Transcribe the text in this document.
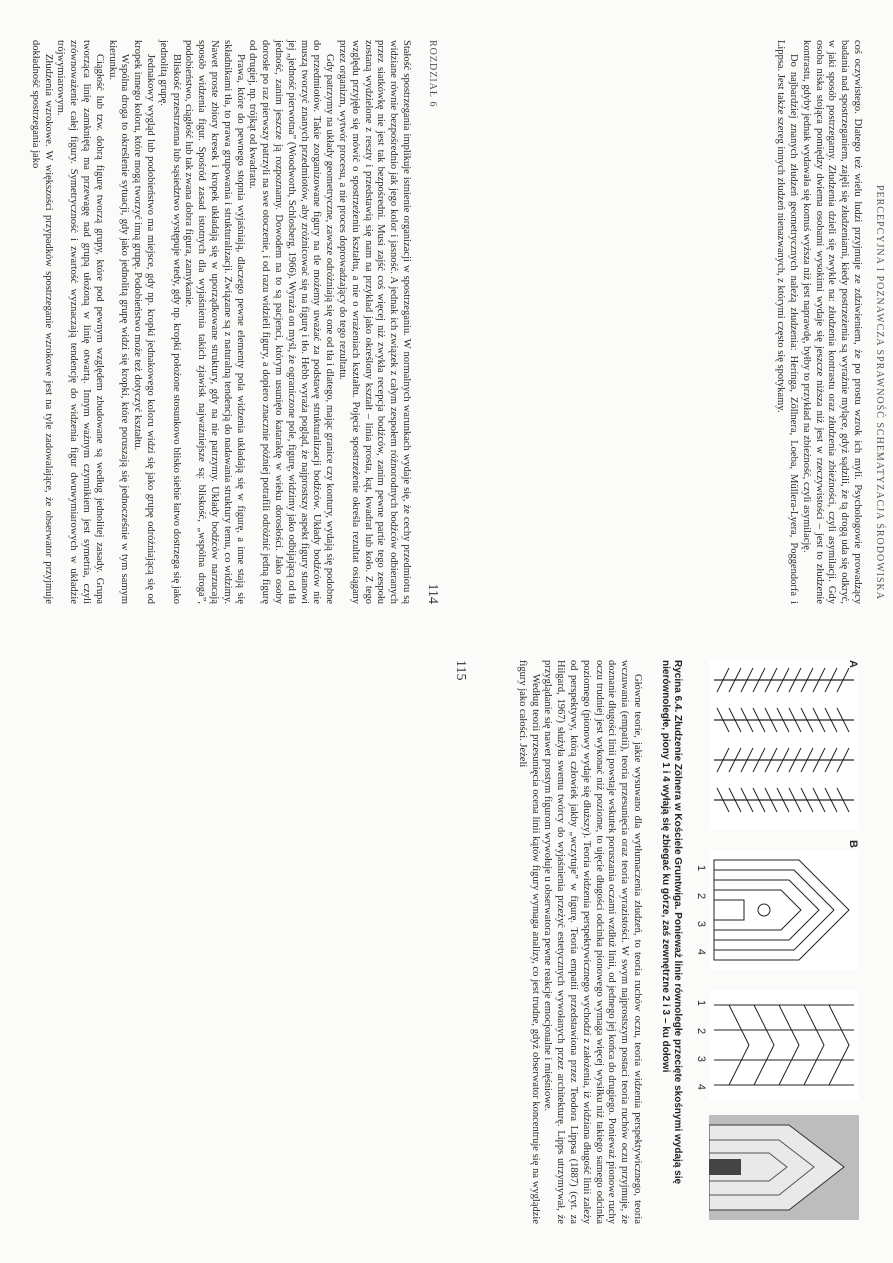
ROZDZIAŁ 6
114

Stałość spostrzegania implikuje istnienie organizacji w spostrzeganiu. W normalnych warunkach wydaje się, że cechy przedmiotu są widziane równie bezpośrednio jak jego kolor i jasność. A jednak ich związek z całym zespołem różnorodnych bodźców odbieranych przez siatkówkę nie jest tak bezpośredni. Musi zajść coś więcej niż zwykła recepcja bodźców, zanim pewne partie tego zespołu zostaną wydzielone z reszty i przedstawią się nam na przykład jako określony kształt – linia prosta, kąt, kwadrat lub koło. Z tego względu przyjęło się mówić o spostrzeżeniu kształtu, a nie o wrażeniach kształtu. Pojęcie spostrzeżenie określa rezultat osiągany przez organizm, wytwór procesu, a nie proces doprowadzający do tego rezultatu.

Gdy patrzymy na układy geometryczne, zawsze odróżniają się one od tła i dlatego, mając granice czy kontury, wydają się podobne do przedmiotów. Takie zorganizowane figury na tle możemy uważać za podstawę strukturalizacji bodźców. Układy bodźców nie muszą tworzyć znanych przedmiotów, aby zróżnicować się na figurę i tło. Hebb wyraża pogląd, że najprostszy aspekt figury stanowi jej „jedność pierwotna” (Woodworth, Schlosberg, 1966). Wyraża on myśl, że ograniczone pole, figurę, widzimy jako odbijającą od tła jedność, zanim jeszcze ją rozpoznamy. Dowodem na to są pacjenci, którym usunięto kataraktę w wieku dorosłości. Jako osoby dorosłe po raz pierwszy patrzyli na swe otoczenie, i od razu widzieli figury, a dopiero znacznie później potrafili odróżnić jedną figurę od drugiej, np. trójkąt od kwadratu.

Prawa, które do pewnego stopnia wyjaśniają, dlaczego pewne elementy pola widzenia układają się w figurę, a inne stają się składnikami tła, to prawa grupowania i strukturalizacji. Związane są z naturalną tendencją do nadawania struktury temu, co widzimy. Nawet proste zbiory kresek i kropek układają się w uporządkowane struktury, gdy na nie patrzymy. Układy bodźców narzucają sposób widzenia figur. Spośród zasad istotnych dla wyjaśnienia takich zjawisk najważniejsze są: bliskość, „wspólna droga”, podobieństwo, ciągłość lub tak zwana dobra figura, zamykanie.

Bliskość przestrzenna lub sąsiedztwo występuje wtedy, gdy np. kropki położone stosunkowo blisko siebie łatwo dostrzega się jako jednolitą grupę.

Jednakowy wygląd lub podobieństwo ma miejsce, gdy np. kropki jednakowego koloru widzi się jako grupę odróżniającą się od kropek innego koloru, które mogą tworzyć inną grupę. Podobieństwo może też dotyczyć kształtu.

Wspólna droga to określenie sytuacji, gdy jako jednolitą grupę widzi się kropki, które poruszają się jednocześnie w tym samym kierunku.

Ciągłość lub tzw. dobrą figurę tworzą grupy, które pod pewnym względem zbudowane są według jednolitej zasady. Grupa tworząca linię zamkniętą ma przewagę nad grupą ułożoną w linię otwartą. Innym ważnym czynnikiem jest symetria, czyli zrównoważenie całej figury. Symetryczność i zwartość wyznaczają tendencję do widzenia figur dwuwymiarowych w układzie trójwymiarowym.

Złudzenia wzrokowe. W większości przypadków spostrzeganie wzrokowe jest na tyle zadowalające, że obserwator przyjmuje dokładność spostrzegania jako

PERCEPCYJNA I POZNAWCZA SPRAWNOŚĆ SCHEMATYZACJA ŚRODOWISKA

coś oczywistego. Dlatego też wielu ludzi przyjmuje ze zdziwieniem, że po prostu wzrok ich myli. Psychologowie prowadzący badania nad spostrzeganiem, zajęli się złudzeniami, kiedy postrzeżenia są wyraźnie mylące, gdyż sądzili, że tą drogą uda się odkryć, w jaki sposób postrzegamy. Złudzenia dzieli się zwykle na: złudzenia kontrastu oraz złudzenia zbieżności, czyli asymilacji. Gdy osoba niska stojąca pomiędzy dwiema osobami wysokimi wydaje się jeszcze niższa niż jest w rzeczywistości – jest to złudzenie kontrastu, gdyby jednak wydawała się komuś wyższa niż jest naprawdę, byłby to przykład na zbieżność, czyli asymilację.

Do najbardziej znanych złudzeń geometrycznych należą złudzenia: Heringa, Zöllnera, Loeba, Müllera-Lyera, Poggendorfa i Lippsa. Jest także szereg innych złudzeń nienazwanych, z którymi często się spotykamy.

A
B
1
2
3
4
1
2
3
4
Rycina 6.4. Złudzenie Zölnera w Kościele Gruntwiga. Ponieważ linie równoległe przecięte skośnymi wydają się nierównoległe, piony 1 i 4 wyłają się zbiegać ku górze, zaś zewnętrzne 2 i 3 – ku dołowi

Główne teorie, jakie wysuwano dla wytłumaczenia złudzeń, to teoria ruchów oczu, teoria widzenia perspektywicznego, teoria wczuwania (empatii), teoria przesunięcia oraz teoria wyrazistości. W swym najprostszym postaci teoria ruchów oczu przyjmuje, że doznanie długości linii powstaje wskutek poruszania oczami wzdłuż linii, od jednego jej końca do drugiego. Ponieważ pionowe ruchy oczu trudniej jest wykonać niż poziome, to ujęcie długości odcinka pionowego wymaga więcej wysiłku niż takiego samego odcinka poziomego (pionowy wydaje się dłuższy). Teoria widzenia perspektywicznego wychodzi z założenia, iż widziana długość linii zależy od perspektywy, którą człowiek jakby „wczytuje” w figurę. Teoria empatii przedstawiona przez Teodora Lippsa (1887) (cyt. za Hilgard, 1967) służyła swemu twórcy do wyjaśnienia przeżyć estetycznych wywołanych przez architekturę. Lipps utrzymywał, że przyglądanie się nawet prostym figurom wywołuje u obserwatora pewne reakcje emocjonalne i mięśniowe.

Według teorii przesunięcia ocena linii kątów figury wymaga analizy, co jest trudne, gdyż obserwator koncentruje się na wyglądzie figury jako całości. Jeżeli

115
